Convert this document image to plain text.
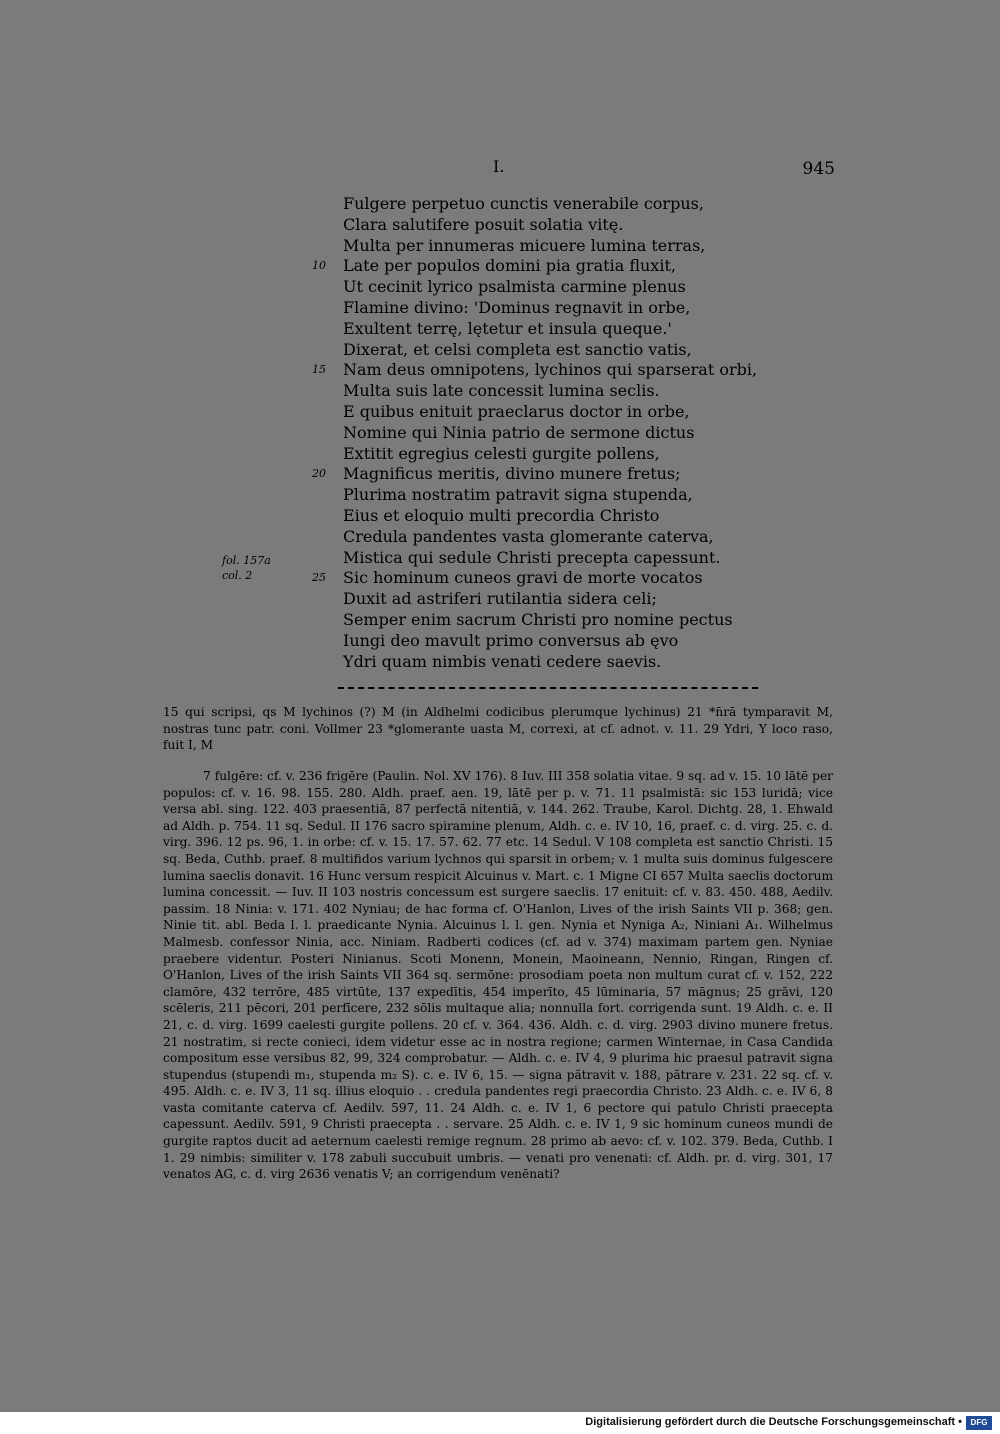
I.	945
Fulgere perpetuo cunctis venerabile corpus,
Clara salutifere posuit solatia vitę.
Multa per innumeras micuere lumina terras,
10 Late per populos domini pia gratia fluxit,
Ut cecinit lyrico psalmista carmine plenus
Flamine divino: 'Dominus regnavit in orbe,
Exultent terrę, lętetur et insula queque.'
Dixerat, et celsi completa est sanctio vatis,
15 Nam deus omnipotens, lychinos qui sparserat orbi,
Multa suis late concessit lumina seclis.
E quibus enituit praeclarus doctor in orbe,
Nomine qui Ninia patrio de sermone dictus
Extitit egregius celesti gurgite pollens,
20 Magnificus meritis, divino munere fretus;
Plurima nostratim patravit signa stupenda,
Eius et eloquio multi precordia Christo
Credula pandentes vasta glomerante caterva,
Mistica qui sedule Christi precepta capessunt.
25 Sic hominum cuneos gravi de morte vocatos
Duxit ad astriferi rutilantia sidera celi;
Semper enim sacrum Christi pro nomine pectus
Iungi deo mavult primo conversus ab ęvo
Ydri quam nimbis venati cedere saevis.
fol. 157a
col. 2
15 qui scripsi, qs M lychinos (?) M (in Aldhelmi codicibus plerumque lychinus) 21 *n̄rā tymparavit M, nostras tunc patr. coni. Vollmer 23 *glomerante uasta M, correxi, at cf. adnot. v. 11. 29 Ydri, Y loco raso, fuit I, M
7 fulgēre: cf. v. 236 frigēre (Paulin. Nol. XV 176). 8 Iuv. III 358 solatia vitae. 9 sq. ad v. 15. 10 lātē per populos: cf. v. 16. 98. 155. 280. Aldh. praef. aen. 19, lātē per p. v. 71. 11 psalmistā: sic 153 luridā; vice versa abl. sing. 122. 403 praesentiā, 87 perfectā nitentiā, v. 144. 262. Traube, Karol. Dichtg. 28, 1. Ehwald ad Aldh. p. 754. 11 sq. Sedul. II 176 sacro spiramine plenum, Aldh. c. e. IV 10, 16, praef. c. d. virg. 25. c. d. virg. 396. 12 ps. 96, 1. in orbe: cf. v. 15. 17. 57. 62. 77 etc. 14 Sedul. V 108 completa est sanctio Christi. 15 sq. Beda, Cuthb. praef. 8 multifidos varium lychnos qui sparsit in orbem; v. 1 multa suis dominus fulgescere lumina saeclis donavit. 16 Hunc versum respicit Alcuinus v. Mart. c. 1 Migne CI 657 Multa saeclis doctorum lumina concessit. — Iuv. II 103 nostris concessum est surgere saeclis. 17 enituit: cf. v. 83. 450. 488, Aedilv. passim. 18 Ninia: v. 171. 402 Nyniau; de hac forma cf. O'Hanlon, Lives of the irish Saints VII p. 368; gen. Ninie tit. abl. Beda l. l. praedicante Nynia. Alcuinus l. l. gen. Nynia et Nyniga A₂, Niniani A₁. Wilhelmus Malmesb. confessor Ninia, acc. Niniam. Radberti codices (cf. ad v. 374) maximam partem gen. Nyniae praebere videntur. Posteri Ninianus. Scoti Monenn, Monein, Maoineann, Nennio, Ringan, Ringen cf. O'Hanlon, Lives of the irish Saints VII 364 sq. sermōne: prosodiam poeta non multum curat cf. v. 152, 222 clamōre, 432 terrōre, 485 virtūte, 137 expedītis, 454 imperīto, 45 lūminaria, 57 māgnus; 25 grāvi, 120 scēleris, 211 pēcori, 201 perfīcere, 232 sōlis multaque alia; nonnulla fort. corrigenda sunt. 19 Aldh. c. e. II 21, c. d. virg. 1699 caelesti gurgite pollens. 20 cf. v. 364. 436. Aldh. c. d. virg. 2903 divino munere fretus. 21 nostratim, si recte conieci, idem videtur esse ac in nostra regione; carmen Winternae, in Casa Candida compositum esse versibus 82, 99, 324 comprobatur. — Aldh. c. e. IV 4, 9 plurima hic praesul patravit signa stupendus (stupendi m₁, stupenda m₂ S). c. e. IV 6, 15. — signa pătravit v. 188, pătrare v. 231. 22 sq. cf. v. 495. Aldh. c. e. IV 3, 11 sq. illius eloquio . . credula pandentes regi praecordia Christo. 23 Aldh. c. e. IV 6, 8 vasta comitante caterva cf. Aedilv. 597, 11. 24 Aldh. c. e. IV 1, 6 pectore qui patulo Christi praecepta capessunt. Aedilv. 591, 9 Christi praecepta . . servare. 25 Aldh. c. e. IV 1, 9 sic hominum cuneos mundi de gurgite raptos ducit ad aeternum caelesti remige regnum. 28 primo ab aevo: cf. v. 102. 379. Beda, Cuthb. I 1. 29 nimbis: similiter v. 178 zabuli succubuit umbris. — venati pro venenati: cf. Aldh. pr. d. virg. 301, 17 venatos AG, c. d. virg 2636 venatis V; an corrigendum venēnati?
Digitalisierung gefördert durch die Deutsche Forschungsgemeinschaft •	DFG
